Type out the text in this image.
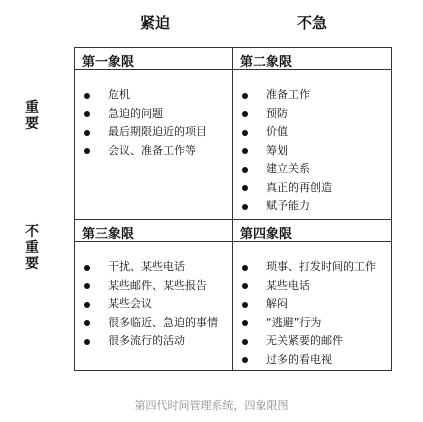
紧迫	不急
重要
不重要
第一象限
危机
急迫的问题
最后期限迫近的项目
会议、准备工作等
第二象限
准备工作
预防
价值
筹划
建立关系
真正的再创造
赋予能力
第三象限
干扰、某些电话
某些邮件、某些报告
某些会议
很多临近、急迫的事情
很多流行的活动
第四象限
琐事、打发时间的工作
某些电话
解闷
“逃避”行为
无关紧要的邮件
过多的看电视
第四代时间管理系统，四象限图
